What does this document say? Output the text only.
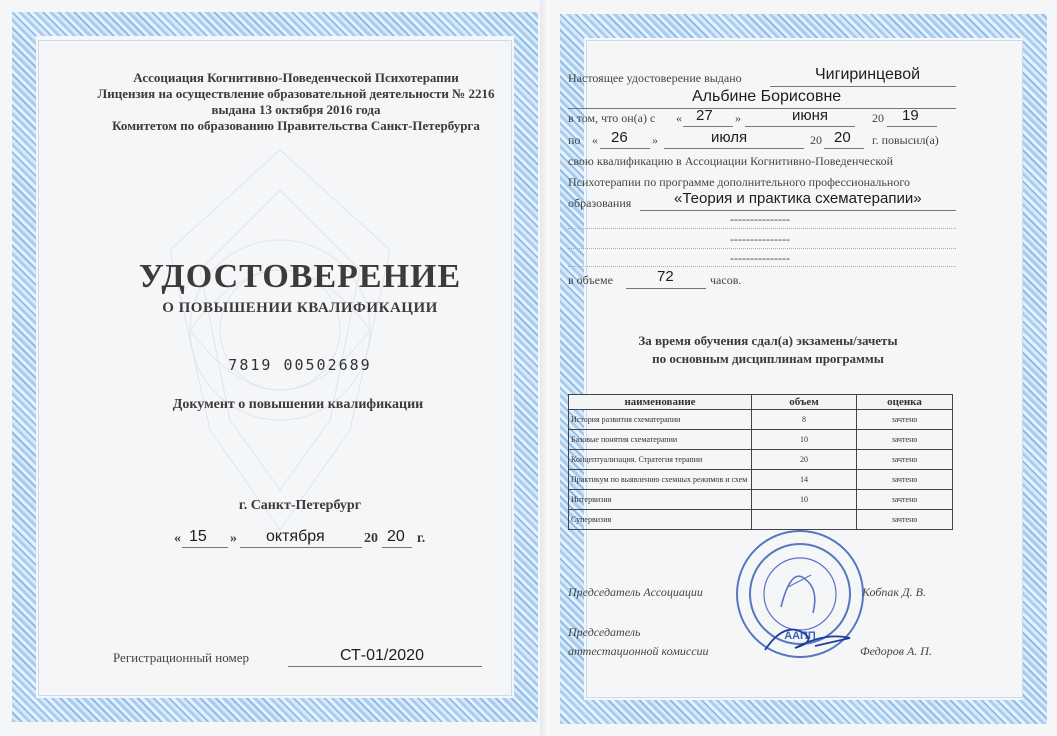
Ассоциация Когнитивно-Поведенческой Психотерапии
Лицензия на осуществление образовательной деятельности № 2216
выдана 13 октября 2016 года
Комитетом по образованию Правительства Санкт-Петербурга
УДОСТОВЕРЕНИЕ
О ПОВЫШЕНИИ КВАЛИФИКАЦИИ
7819 00502689
Документ о повышении квалификации
г. Санкт-Петербург
« 15 » октября	20 20 г.
Регистрационный номер	СТ-01/2020
Настоящее удостоверение выдано	Чигиринцевой
Альбине Борисовне
в том, что он(а) с « 27 »	июня	20 19
по « 26 »	июля	20 20 г. повысил(а)
свою квалификацию в Ассоциации Когнитивно-Поведенческой
Психотерапии по программе дополнительного профессионального
образования	«Теория и практика схематерапии»
---------------
---------------
---------------
в объеме	72	часов.
За время обучения сдал(а) экзамены/зачеты
по основным дисциплинам программы
наименование	объем	оценка
История развития схематерапии	8	зачтено
Базовые понятия схематерапии	10	зачтено
Концептуализация. Стратегия терапии	20	зачтено
Практикум по выявлению схемных режимов и схем	14	зачтено
Интервизия	10	зачтено
Супервизия		зачтено
Председатель Ассоциации	Кобпак Д. В.
Председатель
аттестационной комиссии	Федоров А. П.
ААПП
